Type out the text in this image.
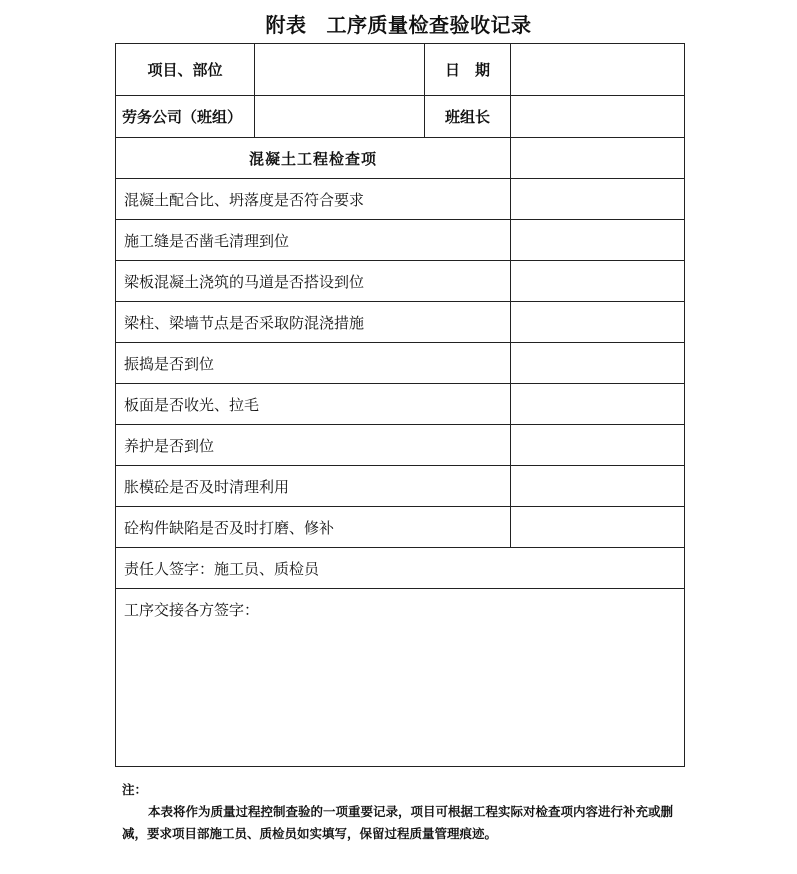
附表 工序质量检查验收记录
项目、部位		日　期	
劳务公司（班组）		班组长	
混凝土工程检查项			
混凝土配合比、坍落度是否符合要求			
施工缝是否凿毛清理到位			
梁板混凝土浇筑的马道是否搭设到位			
梁柱、梁墙节点是否采取防混浇措施			
振捣是否到位			
板面是否收光、拉毛			
养护是否到位			
胀模砼是否及时清理利用			
砼构件缺陷是否及时打磨、修补			
责任人签字：施工员、质检员			
工序交接各方签字：			
注：

本表将作为质量过程控制查验的一项重要记录，项目可根据工程实际对检查项内容进行补充或删减，要求项目部施工员、质检员如实填写，保留过程质量管理痕迹。
